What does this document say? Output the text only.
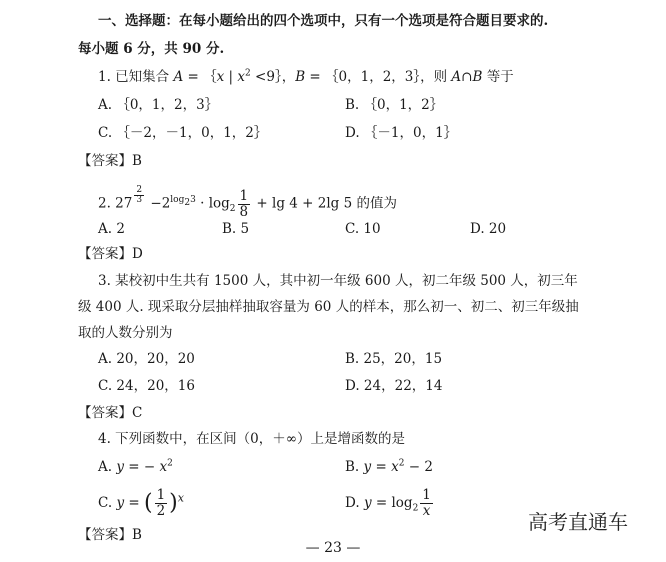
一、选择题：在每小题给出的四个选项中，只有一个选项是符合题目要求的.
每小题 6 分，共 90 分.
1. 已知集合 A = ｛x | $x^2$ <9｝，B = ｛0，1，2，3｝，则 A∩B 等于
A. ｛0，1，2，3｝	B. ｛0，1，2｝
C. ｛－2，－1，0，1，2｝	D. ｛－1，0，1｝
【答案】B
2. $27 \frac{2}{3} -2^{log_23} \cdot \log_2 \frac{1}{8} + \lg 4 + 2\lg$ 5 的值为
A. 2	B. 5	C. 10	D. 20
【答案】D
3. 某校初中生共有 1500 人，其中初一年级 600 人，初二年级 500 人，初三年
级 400 人. 现采取分层抽样抽取容量为 60 人的样本，那么初一、初二、初三年级抽
取的人数分别为
A. 20，20，20	B. 25，20，15
C. 24，20，16	D. 24，22，14
【答案】C
4. 下列函数中，在区间（0，＋∞）上是增函数的是
A. y = − $x^2$	B. $y = x^2 - 2$
C. y = ( $\frac{1}{2} )^x$	D. $y = \log_2 \frac{1}{x}$
【答案】B
高考直通车
— 23 —
